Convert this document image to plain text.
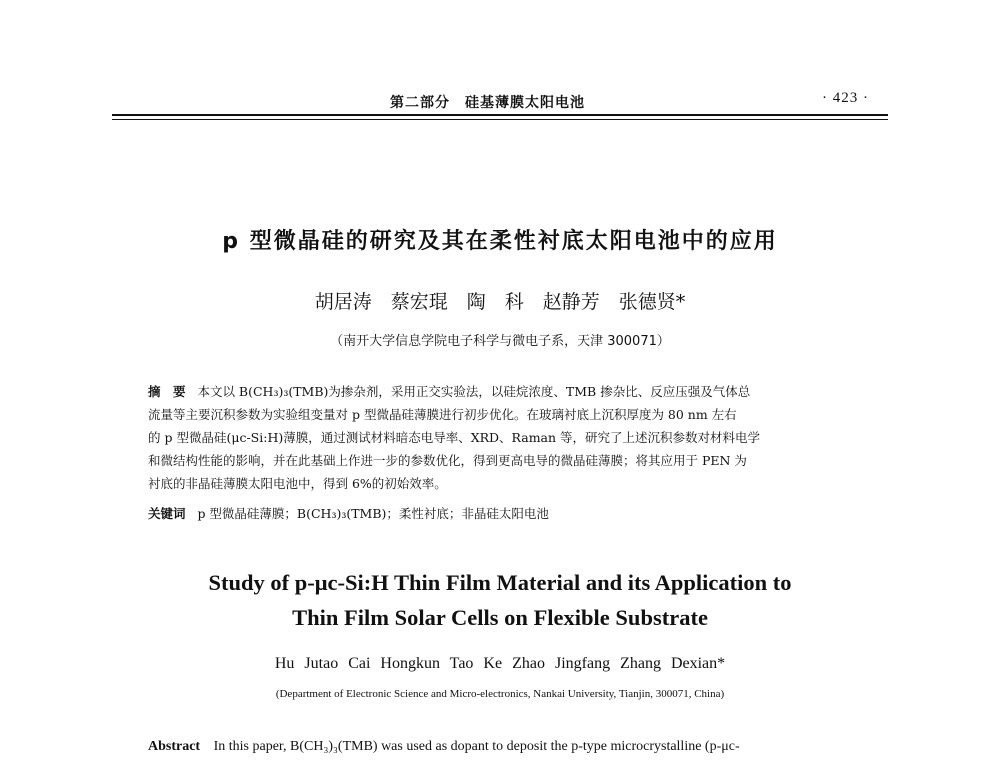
第二部分　硅基薄膜太阳电池	· 423 ·
p 型微晶硅的研究及其在柔性衬底太阳电池中的应用
胡居涛　蔡宏琨　陶　科　赵静芳　张德贤*
（南开大学信息学院电子科学与微电子系，天津 300071）
摘　要 本文以 B(CH₃)₃(TMB)为掺杂剂，采用正交实验法，以硅烷浓度、TMB 掺杂比、反应压强及气体总
流量等主要沉积参数为实验组变量对 p 型微晶硅薄膜进行初步优化。在玻璃衬底上沉积厚度为 80 nm 左右
的 p 型微晶硅(μc-Si:H)薄膜，通过测试材料暗态电导率、XRD、Raman 等，研究了上述沉积参数对材料电学
和微结构性能的影响，并在此基础上作进一步的参数优化，得到更高电导的微晶硅薄膜；将其应用于 PEN 为
衬底的非晶硅薄膜太阳电池中，得到 6%的初始效率。
关键词 p 型微晶硅薄膜；B(CH₃)₃(TMB)；柔性衬底；非晶硅太阳电池
Study of p-μc-Si:H Thin Film Material and its Application to
Thin Film Solar Cells on Flexible Substrate
Hu Jutao Cai Hongkun Tao Ke Zhao Jingfang Zhang Dexian*
(Department of Electronic Science and Micro-electronics, Nankai University, Tianjin, 300071, China)
Abstract In this paper, B(CH₃)₃(TMB) was used as dopant to deposit the p-type microcrystalline (p-μc-
